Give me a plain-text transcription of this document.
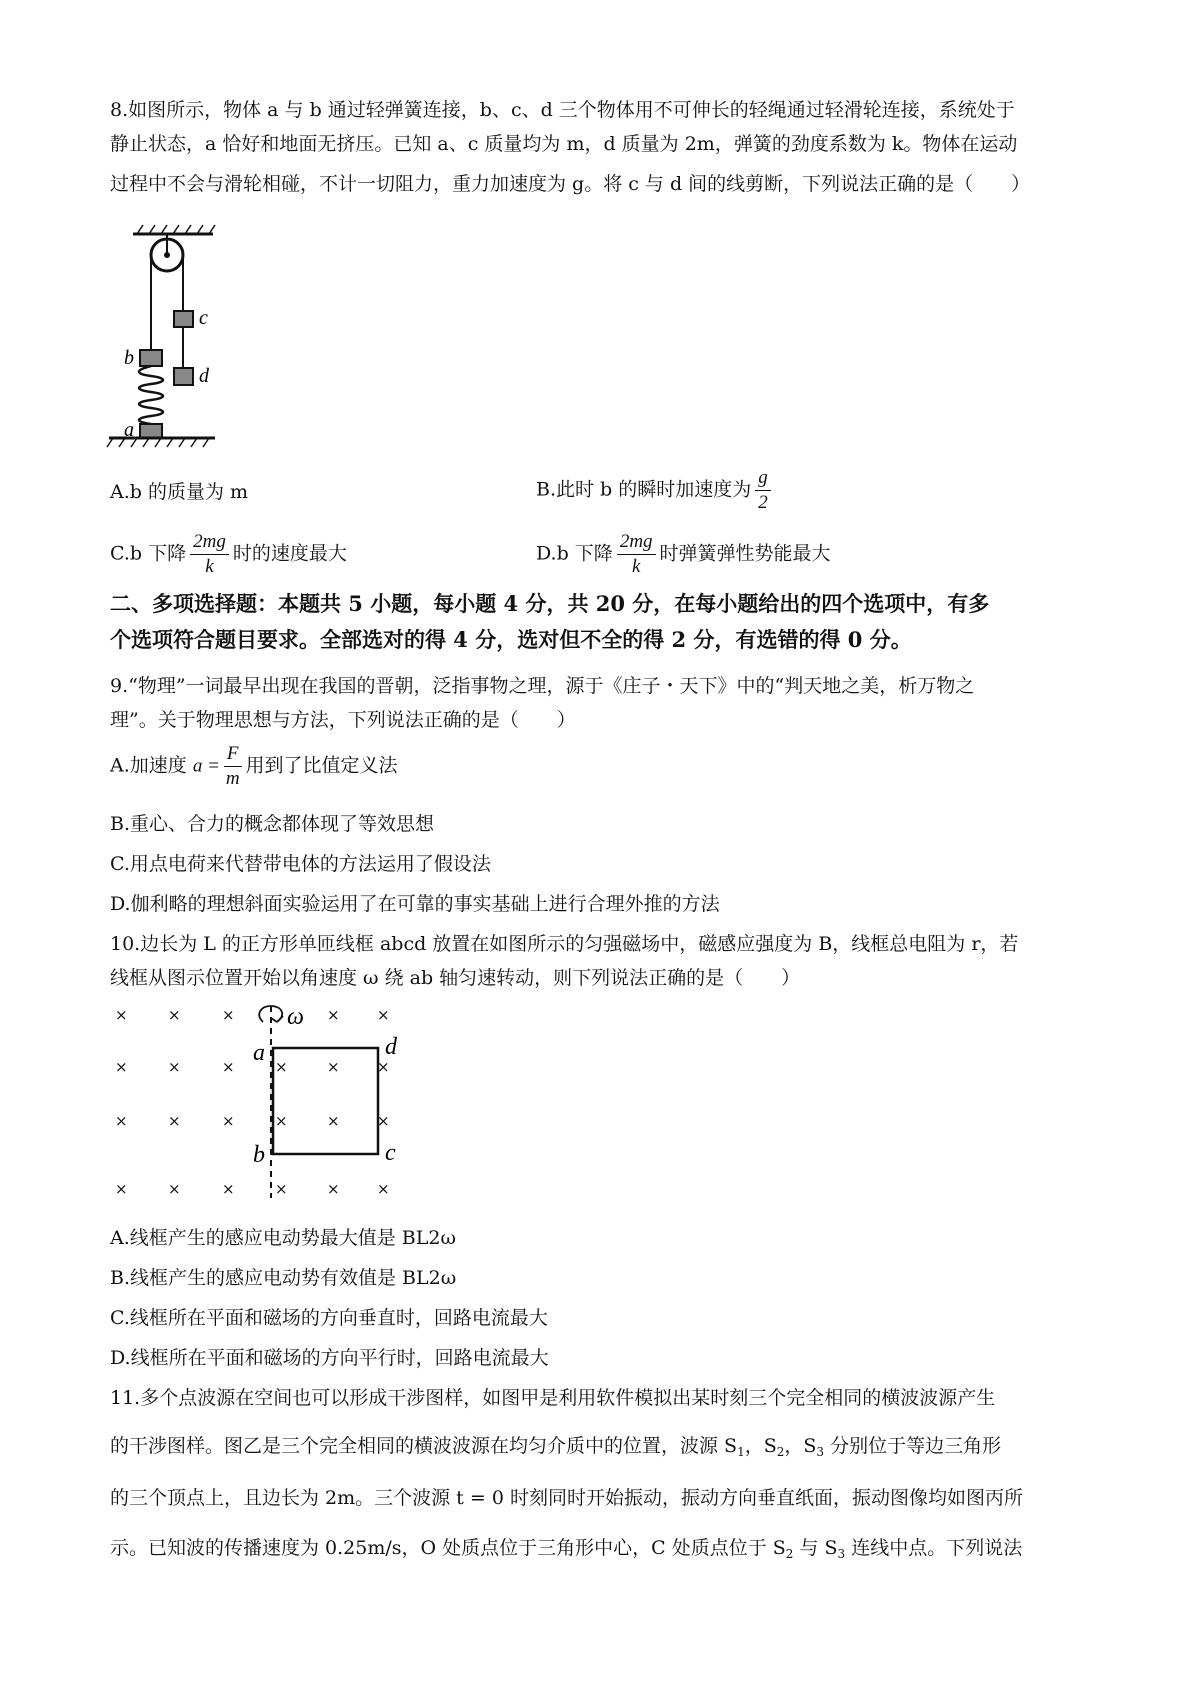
8.如图所示，物体 a 与 b 通过轻弹簧连接，b、c、d 三个物体用不可伸长的轻绳通过轻滑轮连接，系统处于
静止状态，a 恰好和地面无挤压。已知 a、c 质量均为 m，d 质量为 2m，弹簧的劲度系数为 k。物体在运动
过程中不会与滑轮相碰，不计一切阻力，重力加速度为 g。将 c 与 d 间的线剪断，下列说法正确的是（　　）
c
b
d
a
A.b 的质量为 m	B.此时 b 的瞬时加速度为 $\frac{g}{2}$
C.b 下降 $\frac{2mg}{k}$ 时的速度最大	D.b 下降 $\frac{2mg}{k}$ 时弹簧弹性势能最大
二、多项选择题：本题共 5 小题，每小题 4 分，共 20 分，在每小题给出的四个选项中，有多
个选项符合题目要求。全部选对的得 4 分，选对但不全的得 2 分，有选错的得 0 分。
9.“物理”一词最早出现在我国的晋朝，泛指事物之理，源于《庄子・天下》中的“判天地之美，析万物之
理”。关于物理思想与方法，下列说法正确的是（　　）
A.加速度 $a = \frac{F}{m}$ 用到了比值定义法
B.重心、合力的概念都体现了等效思想
C.用点电荷来代替带电体的方法运用了假设法
D.伽利略的理想斜面实验运用了在可靠的事实基础上进行合理外推的方法
10.边长为 L 的正方形单匝线框 abcd 放置在如图所示的匀强磁场中，磁感应强度为 B，线框总电阻为 r，若
线框从图示位置开始以角速度 ω 绕 ab 轴匀速转动，则下列说法正确的是（　　）
×	×	×	× ×
×	×	×	×	× ×
×	×	×	×	× ×
×	×	×	×	× ×
ω
a	d
b	c
A.线框产生的感应电动势最大值是 BL2ω
B.线框产生的感应电动势有效值是 BL2ω
C.线框所在平面和磁场的方向垂直时，回路电流最大
D.线框所在平面和磁场的方向平行时，回路电流最大
11.多个点波源在空间也可以形成干涉图样，如图甲是利用软件模拟出某时刻三个完全相同的横波波源产生
的干涉图样。图乙是三个完全相同的横波波源在均匀介质中的位置，波源 $S_1$，$S_2$，$S_3$ 分别位于等边三角形
的三个顶点上，且边长为 2m。三个波源 t = 0 时刻同时开始振动，振动方向垂直纸面，振动图像均如图丙所
示。已知波的传播速度为 0.25m/s，O 处质点位于三角形中心，C 处质点位于 $S_2$ 与 $S_3$ 连线中点。下列说法
